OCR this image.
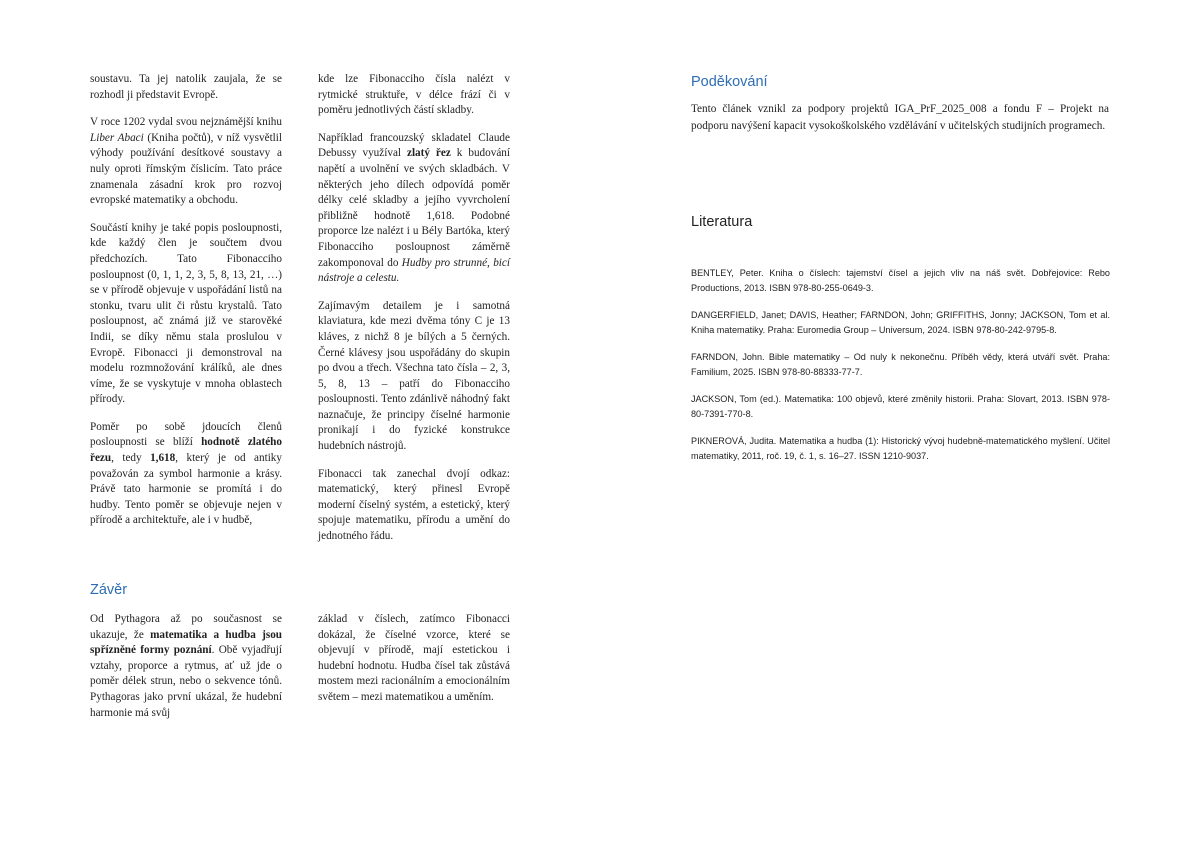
soustavu. Ta jej natolik zaujala, že se rozhodl ji představit Evropě.

V roce 1202 vydal svou nejznámější knihu Liber Abaci (Kniha počtů), v níž vysvětlil výhody používání desítkové soustavy a nuly oproti římským číslicím. Tato práce znamenala zásadní krok pro rozvoj evropské matematiky a obchodu.

Součástí knihy je také popis posloupnosti, kde každý člen je součtem dvou předchozích. Tato Fibonacciho posloupnost (0, 1, 1, 2, 3, 5, 8, 13, 21, …) se v přírodě objevuje v uspořádání listů na stonku, tvaru ulit či růstu krystalů. Tato posloupnost, ač známá již ve starověké Indii, se díky němu stala proslulou v Evropě. Fibonacci ji demonstroval na modelu rozmnožování králíků, ale dnes víme, že se vyskytuje v mnoha oblastech přírody.

Poměr po sobě jdoucích členů posloupnosti se blíží hodnotě zlatého řezu, tedy 1,618, který je od antiky považován za symbol harmonie a krásy. Právě tato harmonie se promítá i do hudby. Tento poměr se objevuje nejen v přírodě a architektuře, ale i v hudbě,

kde lze Fibonacciho čísla nalézt v rytmické struktuře, v délce frází či v poměru jednotlivých částí skladby.

Například francouzský skladatel Claude Debussy využíval zlatý řez k budování napětí a uvolnění ve svých skladbách. V některých jeho dílech odpovídá poměr délky celé skladby a jejího vyvrcholení přibližně hodnotě 1,618. Podobné proporce lze nalézt i u Bély Bartóka, který Fibonacciho posloupnost záměrně zakomponoval do Hudby pro strunné, bicí nástroje a celestu.

Zajímavým detailem je i samotná klaviatura, kde mezi dvěma tóny C je 13 kláves, z nichž 8 je bílých a 5 černých. Černé klávesy jsou uspořádány do skupin po dvou a třech. Všechna tato čísla – 2, 3, 5, 8, 13 – patří do Fibonacciho posloupnosti. Tento zdánlivě náhodný fakt naznačuje, že principy číselné harmonie pronikají i do fyzické konstrukce hudebních nástrojů.

Fibonacci tak zanechal dvojí odkaz: matematický, který přinesl Evropě moderní číselný systém, a estetický, který spojuje matematiku, přírodu a umění do jednotného řádu.

Závěr

Od Pythagora až po současnost se ukazuje, že matematika a hudba jsou spřízněné formy poznání. Obě vyjadřují vztahy, proporce a rytmus, ať už jde o poměr délek strun, nebo o sekvence tónů. Pythagoras jako první ukázal, že hudební harmonie má svůj

základ v číslech, zatímco Fibonacci dokázal, že číselné vzorce, které se objevují v přírodě, mají estetickou i hudební hodnotu. Hudba čísel tak zůstává mostem mezi racionálním a emocionálním světem – mezi matematikou a uměním.

Poděkování

Tento článek vznikl za podpory projektů IGA_PrF_2025_008 a fondu F – Projekt na podporu navýšení kapacit vysokoškolského vzdělávání v učitelských studijních programech.

Literatura

BENTLEY, Peter. Kniha o číslech: tajemství čísel a jejich vliv na náš svět. Dobřejovice: Rebo Productions, 2013. ISBN 978-80-255-0649-3.

DANGERFIELD, Janet; DAVIS, Heather; FARNDON, John; GRIFFITHS, Jonny; JACKSON, Tom et al. Kniha matematiky. Praha: Euromedia Group – Universum, 2024. ISBN 978-80-242-9795-8.

FARNDON, John. Bible matematiky – Od nuly k nekonečnu. Příběh vědy, která utváří svět. Praha: Familium, 2025. ISBN 978-80-88333-77-7.

JACKSON, Tom (ed.). Matematika: 100 objevů, které změnily historii. Praha: Slovart, 2013. ISBN 978-80-7391-770-8.

PIKNEROVÁ, Judita. Matematika a hudba (1): Historický vývoj hudebně-matematického myšlení. Učitel matematiky, 2011, roč. 19, č. 1, s. 16–27. ISSN 1210-9037.
